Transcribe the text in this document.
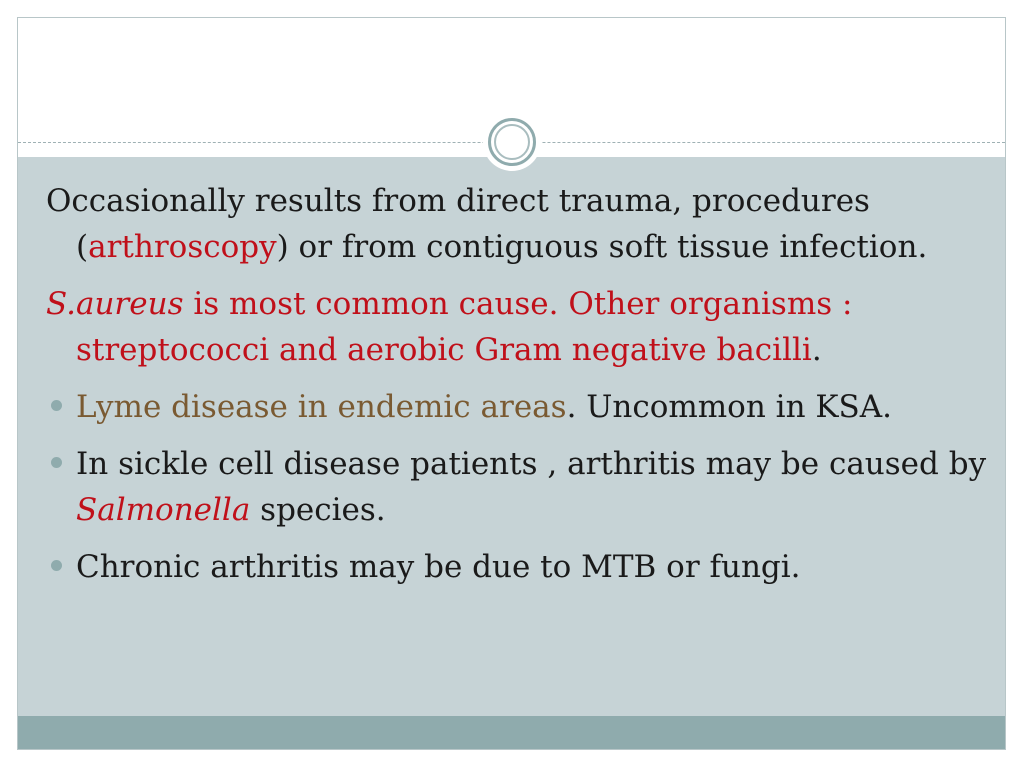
Occasionally results from direct trauma, procedures (arthroscopy) or from contiguous soft tissue infection.

S.aureus is most common cause. Other organisms : streptococci and aerobic Gram negative bacilli.

Lyme disease in endemic areas. Uncommon in KSA.

In sickle cell disease patients , arthritis may be caused by Salmonella species.

Chronic arthritis may be due to MTB or fungi.
